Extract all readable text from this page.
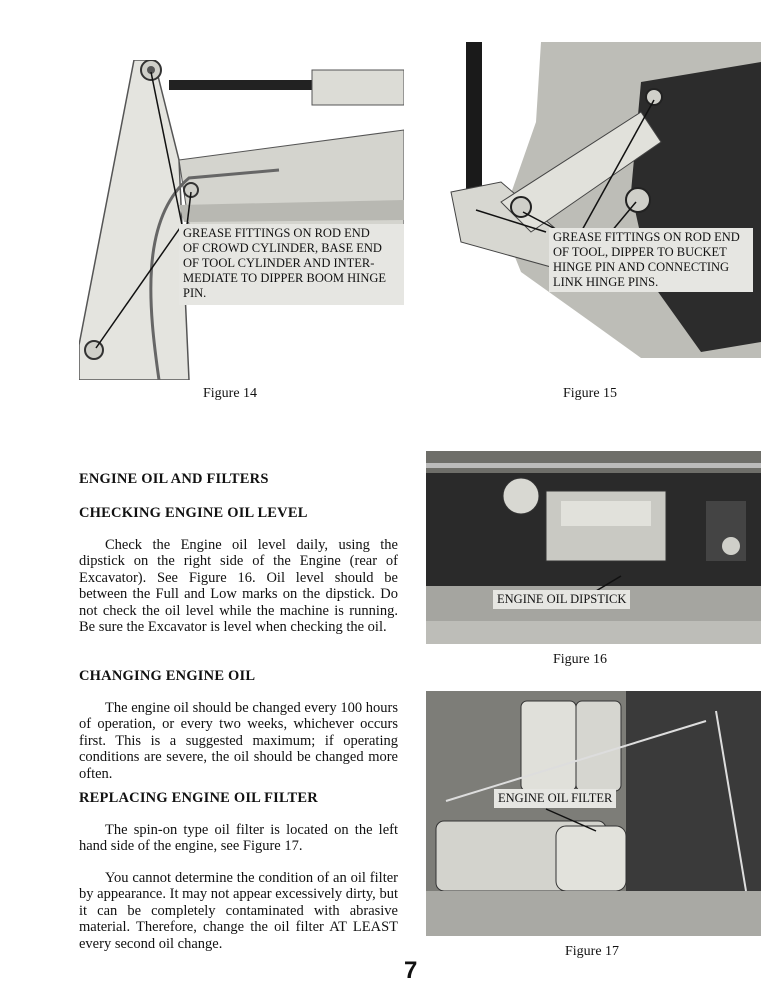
GREASE FITTINGS ON ROD END
OF CROWD CYLINDER, BASE END
OF TOOL CYLINDER AND INTER-
MEDIATE TO DIPPER BOOM HINGE
PIN.
Figure 14
GREASE FITTINGS ON ROD END
OF TOOL, DIPPER TO BUCKET
HINGE PIN AND CONNECTING
LINK HINGE PINS.
Figure 15
ENGINE OIL DIPSTICK
Figure 16
ENGINE OIL FILTER
Figure 17
ENGINE OIL AND FILTERS
CHECKING ENGINE OIL LEVEL
Check the Engine oil level daily, using the dipstick on the right side of the Engine (rear of Excavator). See Figure 16. Oil level should be between the Full and Low marks on the dipstick. Do not check the oil level while the machine is running. Be sure the Excavator is level when checking the oil.
CHANGING ENGINE OIL
The engine oil should be changed every 100 hours of operation, or every two weeks, whichever occurs first. This is a suggested maximum; if operating conditions are severe, the oil should be changed more often.
REPLACING ENGINE OIL FILTER
The spin-on type oil filter is located on the left hand side of the engine, see Figure 17.
You cannot determine the condition of an oil filter by appearance. It may not appear excessively dirty, but it can be completely contaminated with abrasive material. Therefore, change the oil filter AT LEAST every second oil change.
7
